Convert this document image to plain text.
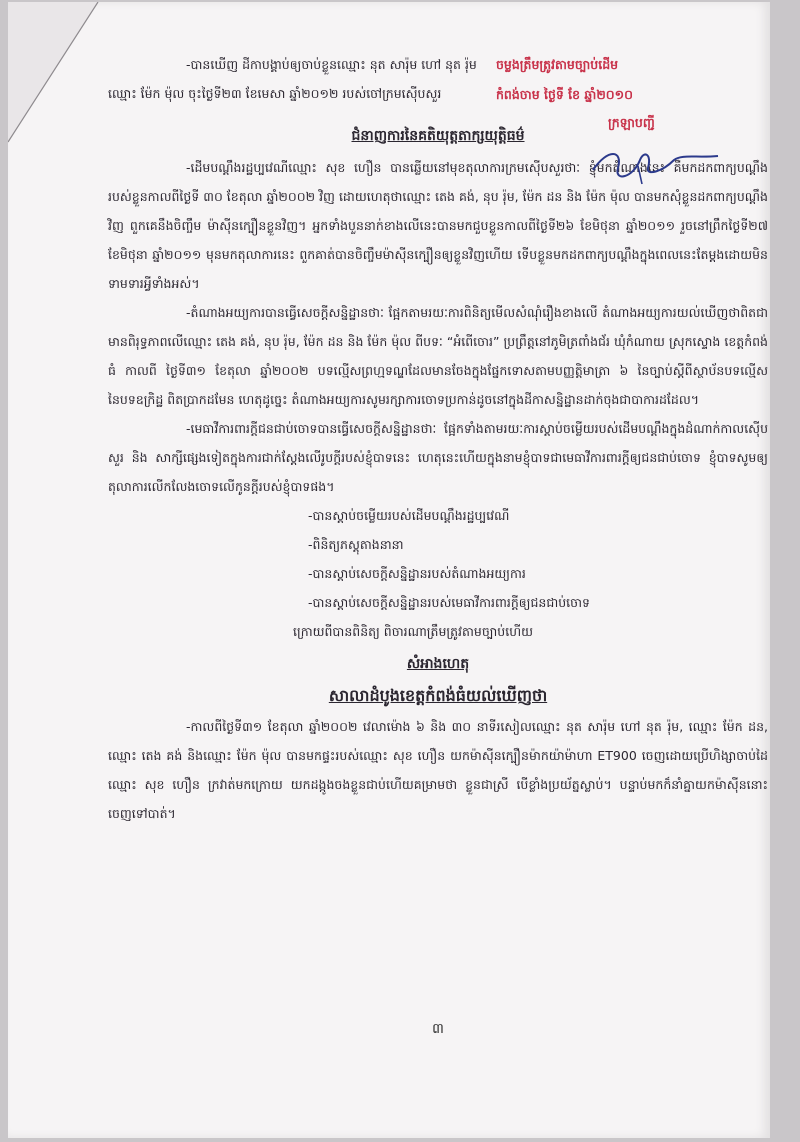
-បានឃើញ ដីកាបង្គាប់ឲ្យចាប់ខ្លួនឈ្មោះ នុត សារ៉ុម ហៅ នុត រ៉ុម

ឈ្មោះ ម៉ែក ម៉ុល ចុះថ្ងៃទី២៣ ខែមេសា ឆ្នាំ២០១២ របស់ចៅក្រមស៊ើបសួរ

ចម្លងត្រឹមត្រូវតាមច្បាប់ដើម
កំពង់ចាម ថ្ងៃទី ខែ ឆ្នាំ២០១០
ក្រឡាបញ្ជី

ជំនាញការនៃគតិយុត្តតាក្សយុត្តិធម៌

-ដើមបណ្តឹងរដ្ឋប្បវេណីឈ្មោះ សុខ ហឿន បានឆ្លើយនៅមុខតុលាការក្រមស៊ើបសួរថាៈ ខ្ញុំមកតំណាងនេះ គឺមកដកពាក្យបណ្តឹងរបស់ខ្លួនកាលពីថ្ងៃទី ៣០ ខែតុលា ឆ្នាំ២០០២ វិញ ដោយហេតុថាឈ្មោះ តេង គង់, នុប រ៉ុម, ម៉ែក ដន និង ម៉ែក ម៉ុល បានមកសុំខ្លួនដកពាក្យបណ្តឹងវិញ ពួកគេនឹងចិញ្ចឹម ម៉ាស៊ីនក្បឿនខ្លួនវិញ។ អ្នកទាំងបួននាក់ខាងលើនេះបានមកជួបខ្លួនកាលពីថ្ងៃទី២៦ ខែមិថុនា ឆ្នាំ២០១១ រួចនៅព្រឹកថ្ងៃទី២៧ ខែមិថុនា ឆ្នាំ២០១១ មុនមកតុលាការនេះ ពួកគាត់បានចិញ្ចឹមម៉ាស៊ីនក្បឿនឲ្យខ្លួនវិញហើយ ទើបខ្លួនមកដកពាក្យបណ្តឹងក្នុងពេលនេះតែម្តងដោយមិនទាមទារអ្វីទាំងអស់។

-តំណាងអយ្យការបានធ្វើសេចក្តីសន្និដ្ឋានថាៈ ផ្អែកតាមរយៈការពិនិត្យមើលសំណុំរឿងខាងលើ តំណាងអយ្យការយល់ឃើញថាពិតជាមានពិរុទ្ធភាពលើឈ្មោះ តេង គង់, នុប រ៉ុម, ម៉ែក ដន និង ម៉ែក ម៉ុល ពីបទៈ “អំពើចោរ” ប្រព្រឹត្តនៅភូមិត្រពាំងជ័រ ឃុំកំណាយ ស្រុកស្ទោង ខេត្តកំពង់ធំ កាលពី ថ្ងៃទី៣១ ខែតុលា ឆ្នាំ២០០២ បទល្មើសព្រហ្មទណ្ឌដែលមានចែងក្នុងផ្នែកទោសតាមបញ្ញត្តិមាត្រា ៦ នៃច្បាប់ស្តីពីស្ថាប័នបទល្មើសនៃបទឧក្រិដ្ឋ ពិតប្រាកដមែន ហេតុដូច្នេះ តំណាងអយ្យការសូមរក្សាការចោទប្រកាន់ដូចនៅក្នុងដីកាសន្និដ្ឋានដាក់ចុងជាបាការដដែល។

-មេធាវីការពារក្តីជនជាប់ចោទបានធ្វើសេចក្តីសន្និដ្ឋានថាៈ ផ្អែកទាំងតាមរយៈការស្តាប់ចម្លើយរបស់ដើមបណ្តឹងក្នុងដំណាក់កាលស៊ើបសួរ និង សាក្សីផ្សេងទៀតក្នុងការជាក់ស្តែងលើរូបក្តីរបស់ខ្ញុំបាទនេះ ហេតុនេះហើយក្នុងនាមខ្ញុំបាទជាមេធាវីការពារក្តីឲ្យជនជាប់ចោទ ខ្ញុំបាទសូមឲ្យតុលាការលើកលែងចោទលើកូនក្តីរបស់ខ្ញុំបាទផង។

-បានស្តាប់ចម្លើយរបស់ដើមបណ្តឹងរដ្ឋប្បវេណី

-ពិនិត្យភស្តុតាងនានា

-បានស្តាប់សេចក្តីសន្និដ្ឋានរបស់តំណាងអយ្យការ

-បានស្តាប់សេចក្តីសន្និដ្ឋានរបស់មេធាវីការពារក្តីឲ្យជនជាប់ចោទ

ក្រោយពីបានពិនិត្យ ពិចារណាត្រឹមត្រូវតាមច្បាប់ហើយ

សំអាងហេតុ

សាលាដំបូងខេត្តកំពង់ធំយល់ឃើញថា

-កាលពីថ្ងៃទី៣១ ខែតុលា ឆ្នាំ២០០២ វេលាម៉ោង ៦ និង ៣០ នាទីរសៀលឈ្មោះ នុត សារ៉ុម ហៅ នុត រ៉ុម, ឈ្មោះ ម៉ែក ដន, ឈ្មោះ តេង គង់ និងឈ្មោះ ម៉ែក ម៉ុល បានមកផ្ទះរបស់ឈ្មោះ សុខ ហឿន យកម៉ាស៊ីនក្បឿនម៉ាកយ៉ាម៉ាហា ET900 ចេញដោយប្រើហិង្សាចាប់ដៃឈ្មោះ សុខ ហឿន ក្រវាត់មកក្រោយ យកដង្កូងចងខ្លួនជាប់ហើយគម្រាមថា ខ្លួនជាស្រី បើខ្លាំងប្រយ័ត្នស្លាប់។ បន្ទាប់មកក៏នាំគ្នាយកម៉ាស៊ីននោះចេញទៅបាត់។

៣
